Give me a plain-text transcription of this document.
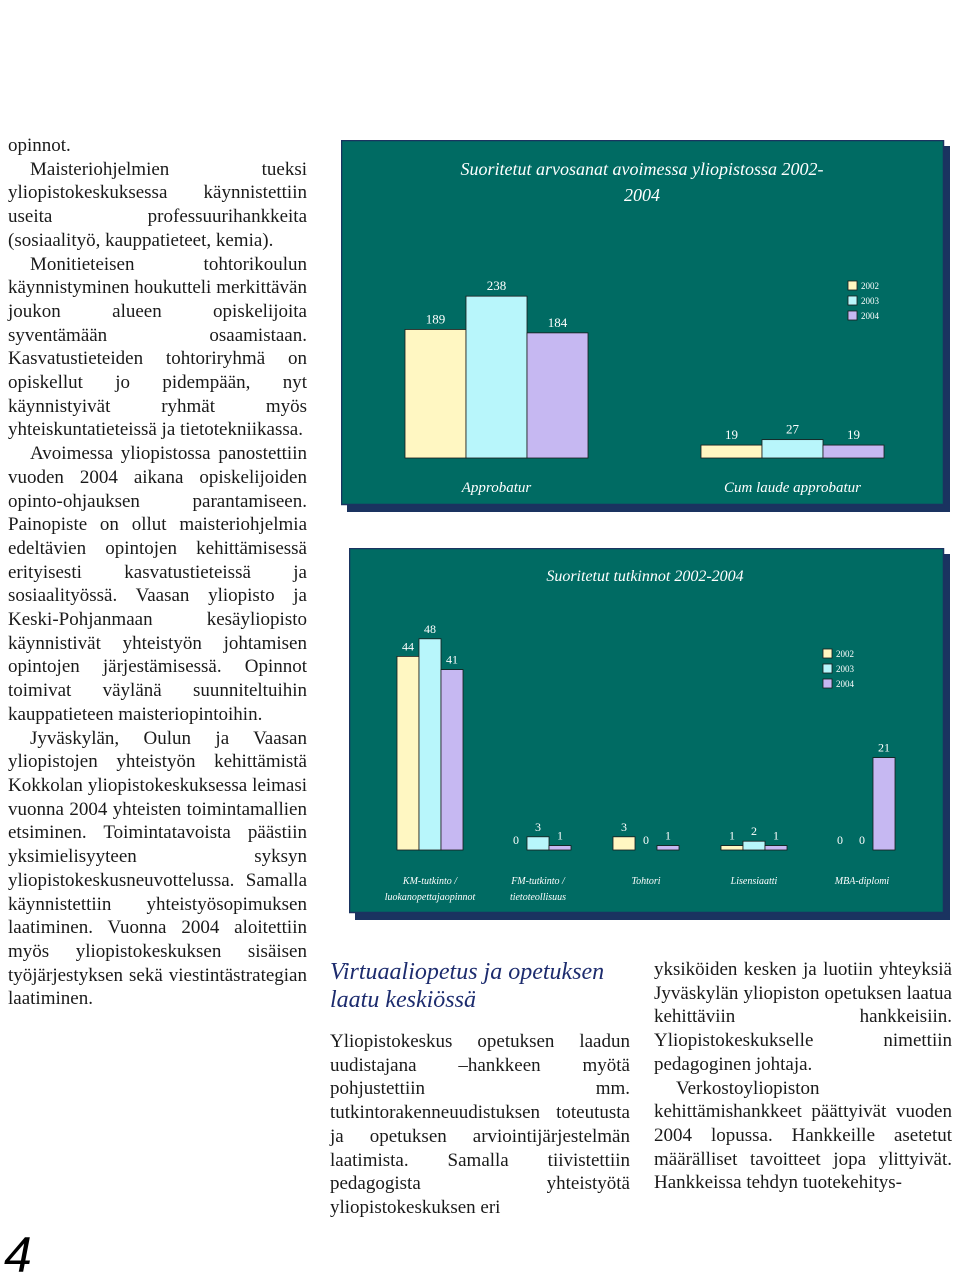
opinnot.

Maisteriohjelmien tueksi yliopistokeskuksessa käynnistettiin useita professuurihankkeita (sosiaalityö, kauppatieteet, kemia).

Monitieteisen tohtorikoulun käynnistyminen houkutteli merkittävän joukon alueen opiskelijoita syventämään osaamistaan. Kasvatustieteiden tohtoriryhmä on opiskellut jo pidempään, nyt käynnistyivät ryhmät myös yhteiskuntatieteissä ja tietotekniikassa.

Avoimessa yliopistossa panostettiin vuoden 2004 aikana opiskelijoiden opinto-ohjauksen parantamiseen. Painopiste on ollut maisteriohjelmia edeltävien opintojen kehittämisessä erityisesti kasvatustieteissä ja sosiaalityössä. Vaasan yliopisto ja Keski-Pohjanmaan kesäyliopisto käynnistivät yhteistyön johtamisen opintojen järjestämisessä. Opinnot toimivat väylänä suunniteltuihin kauppatieteen maisteriopintoihin.

Jyväskylän, Oulun ja Vaasan yliopistojen yhteistyön kehittämistä Kokkolan yliopistokeskuksessa leimasi vuonna 2004 yhteisten toimintamallien etsiminen. Toimintatavoista päästiin yksimielisyyteen syksyn yliopistokeskusneuvottelussa. Samalla käynnistettiin yhteistyösopimuksen laatiminen. Vuonna 2004 aloitettiin myös yliopistokeskuksen sisäisen työjärjestyksen sekä viestintästrategian laatiminen.

189
238
184
19	27	19
Approbatur	Cum laude approbatur
Suoritetut arvosanat avoimessa yliopistossa 2002-
2004
2002
2003
2004
44
48
41
0
3
1
3
0 1	1 2 1	0 0
21
KM-tutkinto /
luokanopettajaopinnot
FM-tutkinto /
tietoteollisuus
Tohtori	Lisensiaatti	MBA-diplomi
Suoritetut tutkinnot 2002-2004
2002
2003
2004
Virtuaaliopetus ja opetuksen laatu keskiössä

Yliopistokeskus opetuksen laadun uudistajana –hankkeen myötä pohjustettiin mm. tutkintorakenneuudistuksen toteutusta ja opetuksen arviointijärjestelmän laatimista. Samalla tiivistettiin pedagogista yhteistyötä yliopistokeskuksen eri

yksiköiden kesken ja luotiin yhteyksiä Jyväskylän yliopiston opetuksen laatua kehittäviin hankkeisiin. Yliopistokeskukselle nimettiin pedagoginen johtaja.

Verkostoyliopiston kehittämishankkeet päättyivät vuoden 2004 lopussa. Hankkeille asetetut määrälliset tavoitteet jopa ylittyivät. Hankkeissa tehdyn tuotekehitys-

4
